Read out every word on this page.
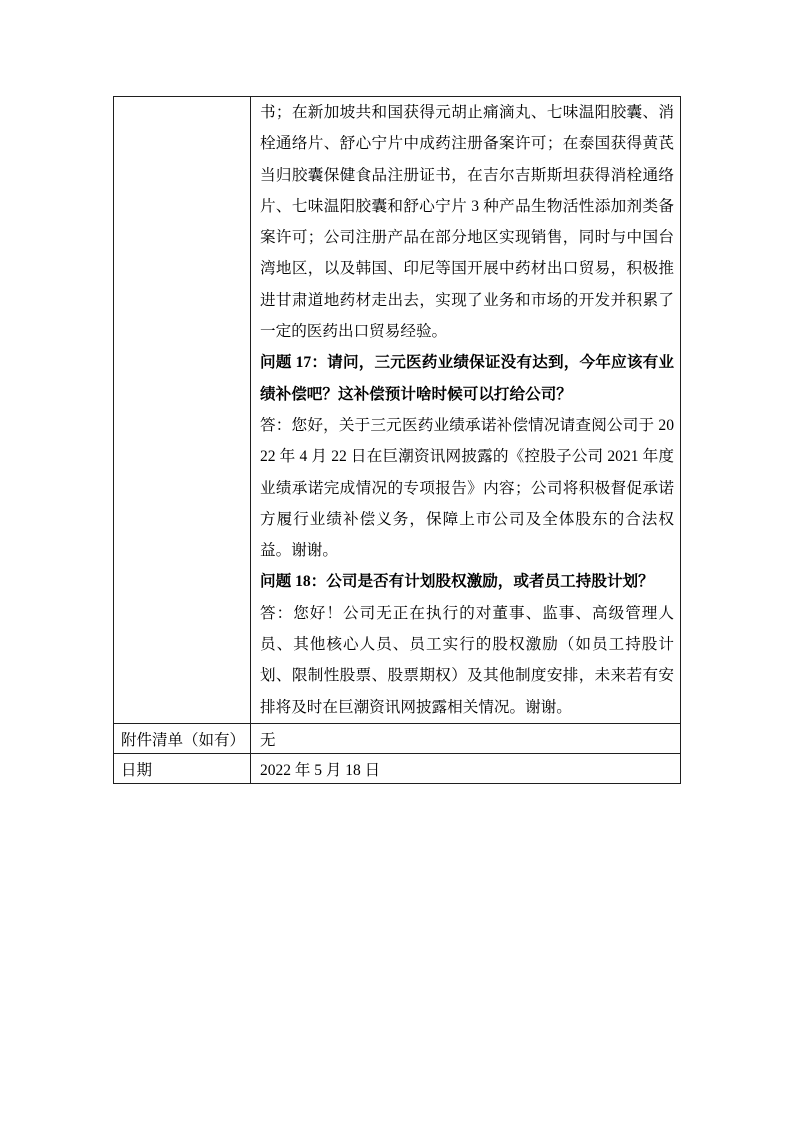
书；在新加坡共和国获得元胡止痛滴丸、七味温阳胶囊、消栓通络片、舒心宁片中成药注册备案许可；在泰国获得黄芪当归胶囊保健食品注册证书，在吉尔吉斯斯坦获得消栓通络片、七味温阳胶囊和舒心宁片 3 种产品生物活性添加剂类备案许可；公司注册产品在部分地区实现销售，同时与中国台湾地区，以及韩国、印尼等国开展中药材出口贸易，积极推进甘肃道地药材走出去，实现了业务和市场的开发并积累了一定的医药出口贸易经验。

问题 17：请问，三元医药业绩保证没有达到，今年应该有业绩补偿吧？这补偿预计啥时候可以打给公司？

答：您好，关于三元医药业绩承诺补偿情况请查阅公司于 2022 年 4 月 22 日在巨潮资讯网披露的《控股子公司 2021 年度业绩承诺完成情况的专项报告》内容；公司将积极督促承诺方履行业绩补偿义务，保障上市公司及全体股东的合法权益。谢谢。

问题 18：公司是否有计划股权激励，或者员工持股计划？

答：您好！公司无正在执行的对董事、监事、高级管理人员、其他核心人员、员工实行的股权激励（如员工持股计划、限制性股票、股票期权）及其他制度安排，未来若有安排将及时在巨潮资讯网披露相关情况。谢谢。

附件清单（如有） 无
日期	2022 年 5 月 18 日
